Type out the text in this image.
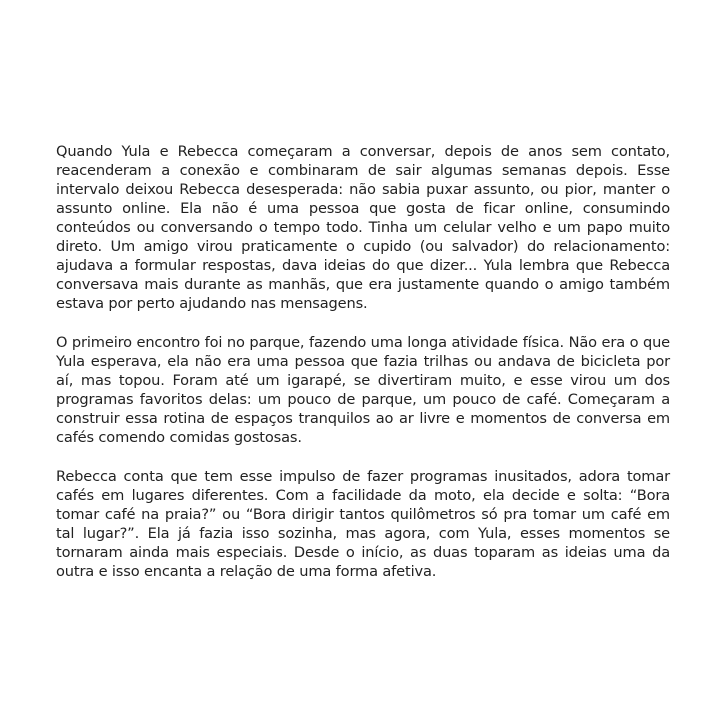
Quando Yula e Rebecca começaram a conversar, depois de anos sem contato, reacenderam a conexão e combinaram de sair algumas semanas depois. Esse intervalo deixou Rebecca desesperada: não sabia puxar assunto, ou pior, manter o assunto online. Ela não é uma pessoa que gosta de ficar online, consumindo conteúdos ou conversando o tempo todo. Tinha um celular velho e um papo muito direto. Um amigo virou praticamente o cupido (ou salvador) do relacionamento: ajudava a formular respostas, dava ideias do que dizer... Yula lembra que Rebecca conversava mais durante as manhãs, que era justamente quando o amigo também estava por perto ajudando nas mensagens.

O primeiro encontro foi no parque, fazendo uma longa atividade física. Não era o que Yula esperava, ela não era uma pessoa que fazia trilhas ou andava de bicicleta por aí, mas topou. Foram até um igarapé, se divertiram muito, e esse virou um dos programas favoritos delas: um pouco de parque, um pouco de café. Começaram a construir essa rotina de espaços tranquilos ao ar livre e momentos de conversa em cafés comendo comidas gostosas.

Rebecca conta que tem esse impulso de fazer programas inusitados, adora tomar cafés em lugares diferentes. Com a facilidade da moto, ela decide e solta: “Bora tomar café na praia?” ou “Bora dirigir tantos quilômetros só pra tomar um café em tal lugar?”. Ela já fazia isso sozinha, mas agora, com Yula, esses momentos se tornaram ainda mais especiais. Desde o início, as duas toparam as ideias uma da outra e isso encanta a relação de uma forma afetiva.
